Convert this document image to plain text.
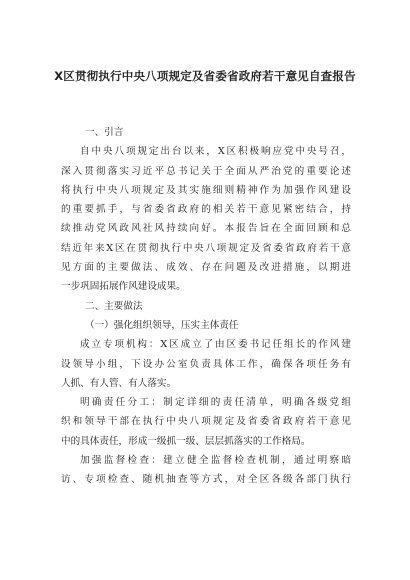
X区贯彻执行中央八项规定及省委省政府若干意见自查报告

一、引言

自中央八项规定出台以来，X区积极响应党中央号召，

深入贯彻落实习近平总书记关于全面从严治党的重要论述

将执行中央八项规定及其实施细则精神作为加强作风建设

的重要抓手，与省委省政府的相关若干意见紧密结合，持

续推动党风政风社风持续向好。本报告旨在全面回顾和总

结近年来X区在贯彻执行中央八项规定及省委省政府若干意

见方面的主要做法、成效、存在问题及改进措施，以期进

一步巩固拓展作风建设成果。

二、主要做法

（一）强化组织领导，压实主体责任

成立专项机构：X区成立了由区委书记任组长的作风建

设领导小组，下设办公室负责具体工作，确保各项任务有

人抓、有人管、有人落实。

明确责任分工：制定详细的责任清单，明确各级党组

织和领导干部在执行中央八项规定及省委省政府若干意见

中的具体责任，形成一级抓一级、层层抓落实的工作格局。

加强监督检查：建立健全监督检查机制，通过明察暗

访、专项检查、随机抽查等方式，对全区各级各部门执行
